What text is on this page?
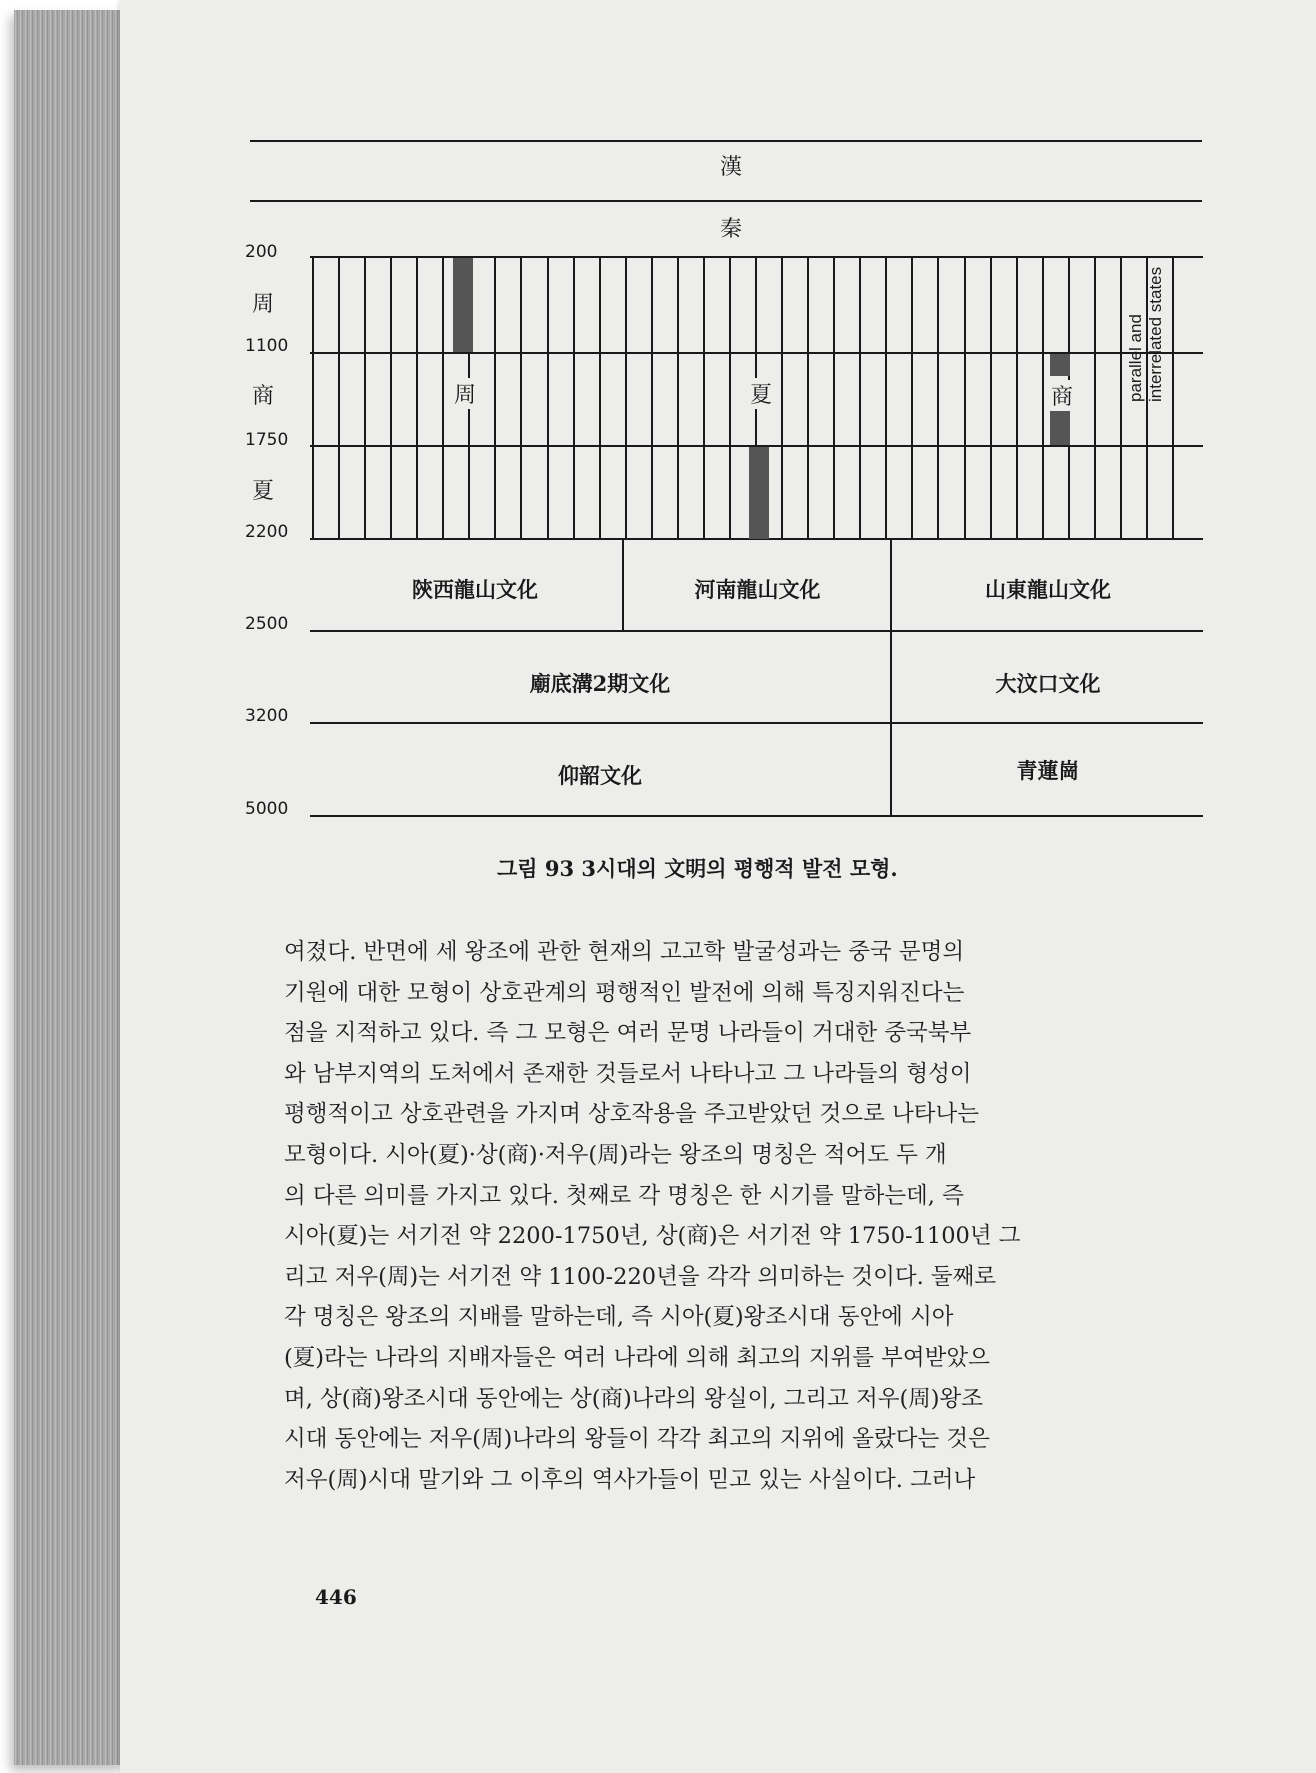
漢
秦
200
周
1100
商
1750
夏
2200
2500
3200
5000
周	夏	商	parallel and interrelated states
陝西龍山文化	河南龍山文化	山東龍山文化
廟底溝2期文化	大汶口文化
仰韶文化	青蓮崗
그림 93 3시대의 文明의 평행적 발전 모형.

여졌다. 반면에 세 왕조에 관한 현재의 고고학 발굴성과는 중국 문명의

기원에 대한 모형이 상호관계의 평행적인 발전에 의해 특징지워진다는

점을 지적하고 있다. 즉 그 모형은 여러 문명 나라들이 거대한 중국북부

와 남부지역의 도처에서 존재한 것들로서 나타나고 그 나라들의 형성이

평행적이고 상호관련을 가지며 상호작용을 주고받았던 것으로 나타나는

모형이다. 시아(夏)·상(商)·저우(周)라는 왕조의 명칭은 적어도 두 개

의 다른 의미를 가지고 있다. 첫째로 각 명칭은 한 시기를 말하는데, 즉

시아(夏)는 서기전 약 2200-1750년, 상(商)은 서기전 약 1750-1100년 그

리고 저우(周)는 서기전 약 1100-220년을 각각 의미하는 것이다. 둘째로

각 명칭은 왕조의 지배를 말하는데, 즉 시아(夏)왕조시대 동안에 시아

(夏)라는 나라의 지배자들은 여러 나라에 의해 최고의 지위를 부여받았으

며, 상(商)왕조시대 동안에는 상(商)나라의 왕실이, 그리고 저우(周)왕조

시대 동안에는 저우(周)나라의 왕들이 각각 최고의 지위에 올랐다는 것은

저우(周)시대 말기와 그 이후의 역사가들이 믿고 있는 사실이다. 그러나

446
